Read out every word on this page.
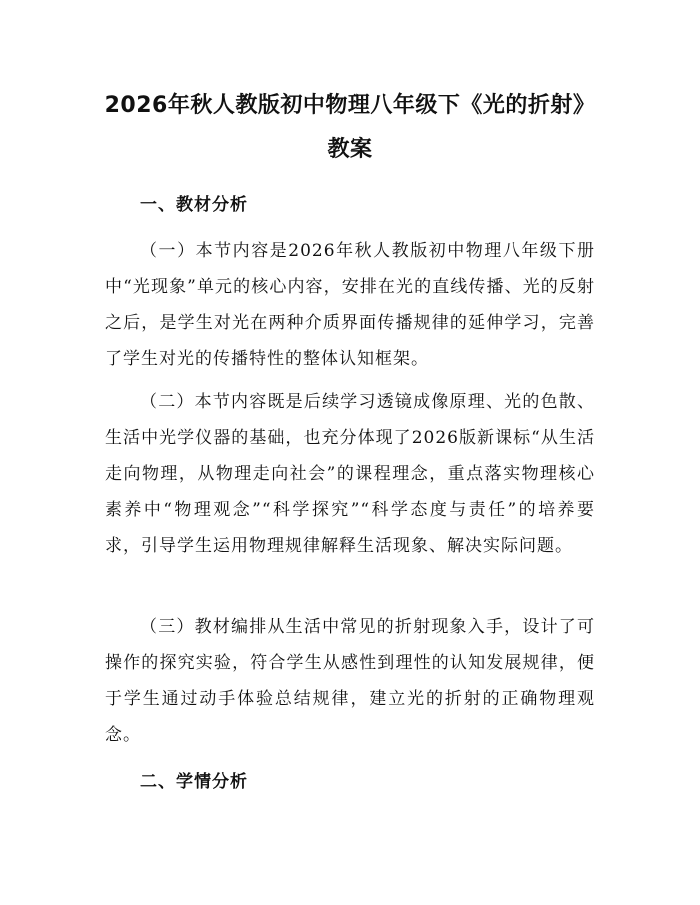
2026年秋人教版初中物理八年级下《光的折射》教案
一、教材分析

（一）本节内容是2026年秋人教版初中物理八年级下册中“光现象”单元的核心内容，安排在光的直线传播、光的反射之后，是学生对光在两种介质界面传播规律的延伸学习，完善了学生对光的传播特性的整体认知框架。

（二）本节内容既是后续学习透镜成像原理、光的色散、生活中光学仪器的基础，也充分体现了2026版新课标“从生活走向物理，从物理走向社会”的课程理念，重点落实物理核心素养中“物理观念”“科学探究”“科学态度与责任”的培养要求，引导学生运用物理规律解释生活现象、解决实际问题。

（三）教材编排从生活中常见的折射现象入手，设计了可操作的探究实验，符合学生从感性到理性的认知发展规律，便于学生通过动手体验总结规律，建立光的折射的正确物理观念。

二、学情分析
